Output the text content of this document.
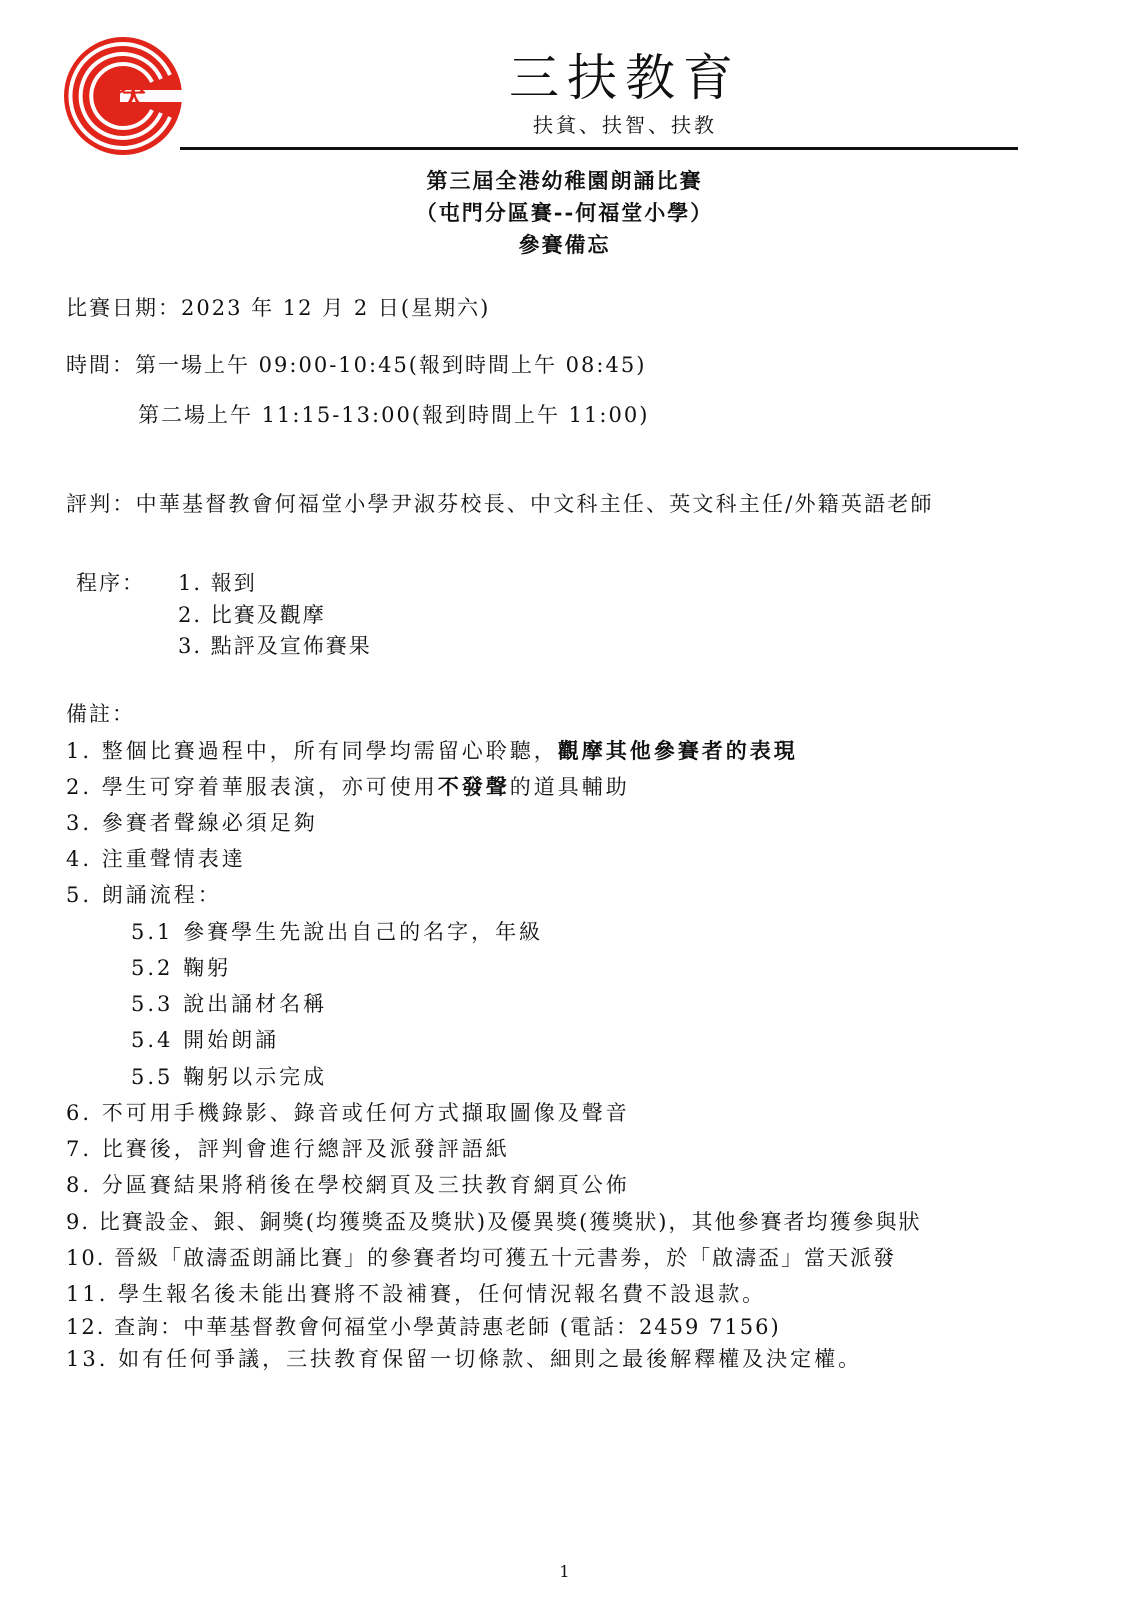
扶	三扶教育
扶貧、扶智、扶教
第三屆全港幼稚園朗誦比賽
（屯門分區賽--何福堂小學）
參賽備忘
比賽日期：2023 年 12 月 2 日(星期六)
時間：第一場上午 09:00-10:45(報到時間上午 08:45)
第二場上午 11:15-13:00(報到時間上午 11:00)
評判：中華基督教會何福堂小學尹淑芬校長、中文科主任、英文科主任/外籍英語老師
程序： 1. 報到
2. 比賽及觀摩
3. 點評及宣佈賽果
備註：
1. 整個比賽過程中，所有同學均需留心聆聽，觀摩其他參賽者的表現
2. 學生可穿着華服表演，亦可使用不發聲的道具輔助
3. 參賽者聲線必須足夠
4. 注重聲情表達
5. 朗誦流程：
5.1 參賽學生先說出自己的名字，年級
5.2 鞠躬
5.3 說出誦材名稱
5.4 開始朗誦
5.5 鞠躬以示完成
6. 不可用手機錄影、錄音或任何方式擷取圖像及聲音
7. 比賽後，評判會進行總評及派發評語紙
8. 分區賽結果將稍後在學校網頁及三扶教育網頁公佈
9. 比賽設金、銀、銅獎(均獲獎盃及獎狀)及優異獎(獲獎狀)，其他參賽者均獲參與狀
10. 晉級「啟濤盃朗誦比賽」的參賽者均可獲五十元書劵，於「啟濤盃」當天派發
11. 學生報名後未能出賽將不設補賽，任何情況報名費不設退款。
12. 查詢：中華基督教會何福堂小學黃詩惠老師 (電話：2459 7156)
13. 如有任何爭議，三扶教育保留一切條款、細則之最後解釋權及決定權。
1
